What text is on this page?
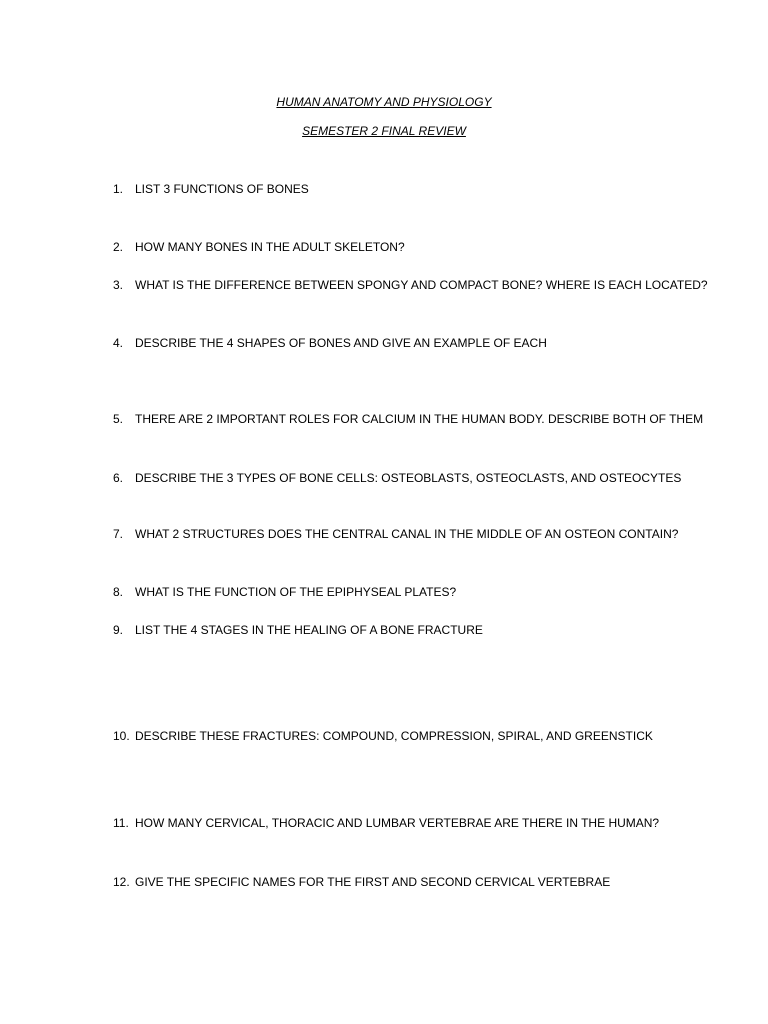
HUMAN ANATOMY AND PHYSIOLOGY
SEMESTER 2 FINAL REVIEW
1. LIST 3 FUNCTIONS OF BONES
2. HOW MANY BONES IN THE ADULT SKELETON?
3. WHAT IS THE DIFFERENCE BETWEEN SPONGY AND COMPACT BONE? WHERE IS EACH LOCATED?
4. DESCRIBE THE 4 SHAPES OF BONES AND GIVE AN EXAMPLE OF EACH
5. THERE ARE 2 IMPORTANT ROLES FOR CALCIUM IN THE HUMAN BODY. DESCRIBE BOTH OF THEM
6. DESCRIBE THE 3 TYPES OF BONE CELLS: OSTEOBLASTS, OSTEOCLASTS, AND OSTEOCYTES
7. WHAT 2 STRUCTURES DOES THE CENTRAL CANAL IN THE MIDDLE OF AN OSTEON CONTAIN?
8. WHAT IS THE FUNCTION OF THE EPIPHYSEAL PLATES?
9. LIST THE 4 STAGES IN THE HEALING OF A BONE FRACTURE
10. DESCRIBE THESE FRACTURES: COMPOUND, COMPRESSION, SPIRAL, AND GREENSTICK
11. HOW MANY CERVICAL, THORACIC AND LUMBAR VERTEBRAE ARE THERE IN THE HUMAN?
12. GIVE THE SPECIFIC NAMES FOR THE FIRST AND SECOND CERVICAL VERTEBRAE
